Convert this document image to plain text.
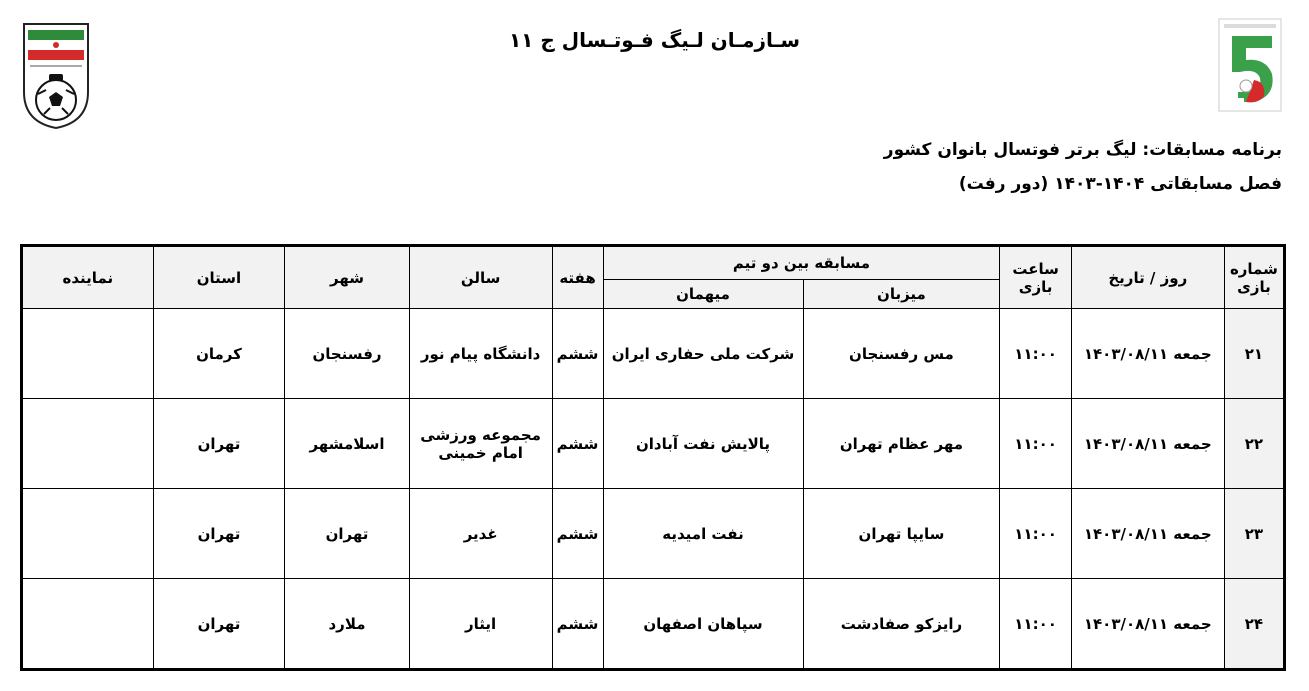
سـازمـان لـيگ فـوتـسال ج ۱۱
برنامه مسابقات: لیگ برتر فوتسال بانوان کشور
فصل مسابقاتی ۱۴۰۴-۱۴۰۳ (دور رفت)
شماره بازی	روز / تاریخ	ساعت بازی	مسابقه بین دو تیم		هفته	سالن	شهر	استان	نماینده
			میزبان	میهمان					
۲۱	جمعه ۱۴۰۳/۰۸/۱۱	۱۱:۰۰	مس رفسنجان	شرکت ملی حفاری ایران	ششم	دانشگاه پیام نور	رفسنجان	کرمان	
۲۲	جمعه ۱۴۰۳/۰۸/۱۱	۱۱:۰۰	مهر عظام تهران	پالایش نفت آبادان	ششم	مجموعه ورزشی امام خمینی	اسلامشهر	تهران	
۲۳	جمعه ۱۴۰۳/۰۸/۱۱	۱۱:۰۰	سایپا تهران	نفت امیدیه	ششم	غدیر	تهران	تهران	
۲۴	جمعه ۱۴۰۳/۰۸/۱۱	۱۱:۰۰	رایزکو صفادشت	سپاهان اصفهان	ششم	ایثار	ملارد	تهران	
